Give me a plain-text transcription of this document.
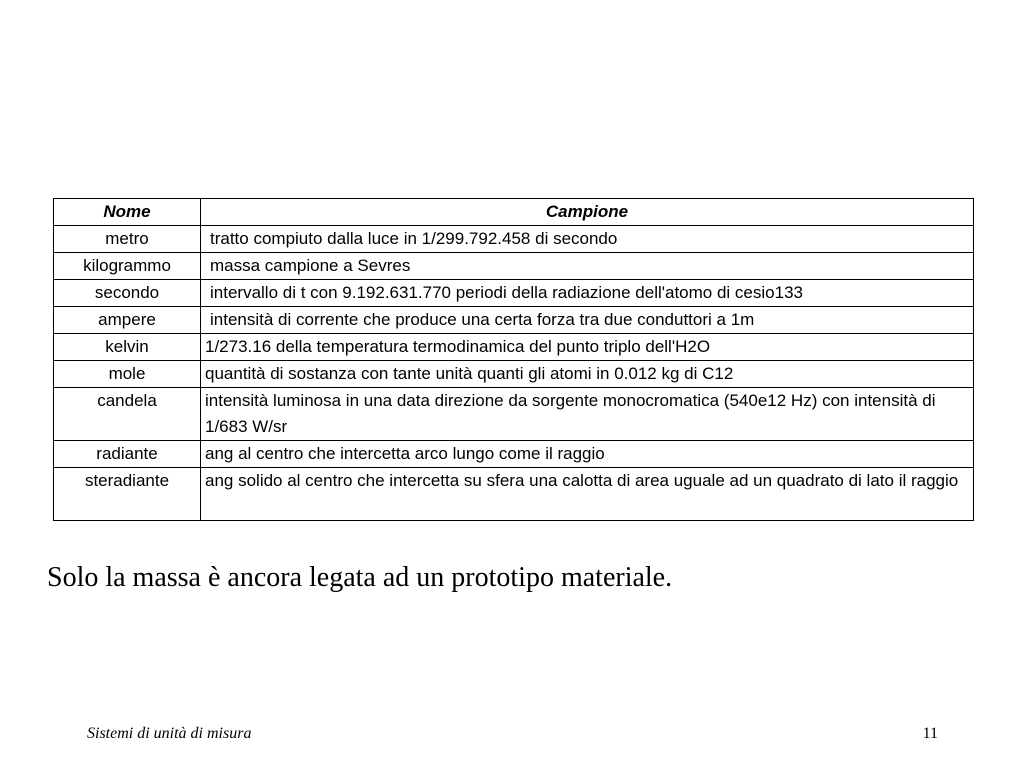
Nome	Campione
metro	tratto compiuto dalla luce in 1/299.792.458 di secondo
kilogrammo	massa campione a Sevres
secondo	intervallo di t con 9.192.631.770 periodi della radiazione dell'atomo di cesio133
ampere	intensità di corrente che produce una certa forza tra due conduttori a 1m
kelvin	1/273.16 della temperatura termodinamica del punto triplo dell'H2O
mole	quantità di sostanza con tante unità quanti gli atomi in 0.012 kg di C12
candela	intensità luminosa in una data direzione da sorgente monocromatica (540e12 Hz) con intensità di 1/683 W/sr
radiante	ang al centro che intercetta arco lungo come il raggio
steradiante	ang solido al centro che intercetta su sfera una calotta di area uguale ad un quadrato di lato il raggio
Solo la massa è ancora legata ad un prototipo materiale.
Sistemi di unità di misura	11
